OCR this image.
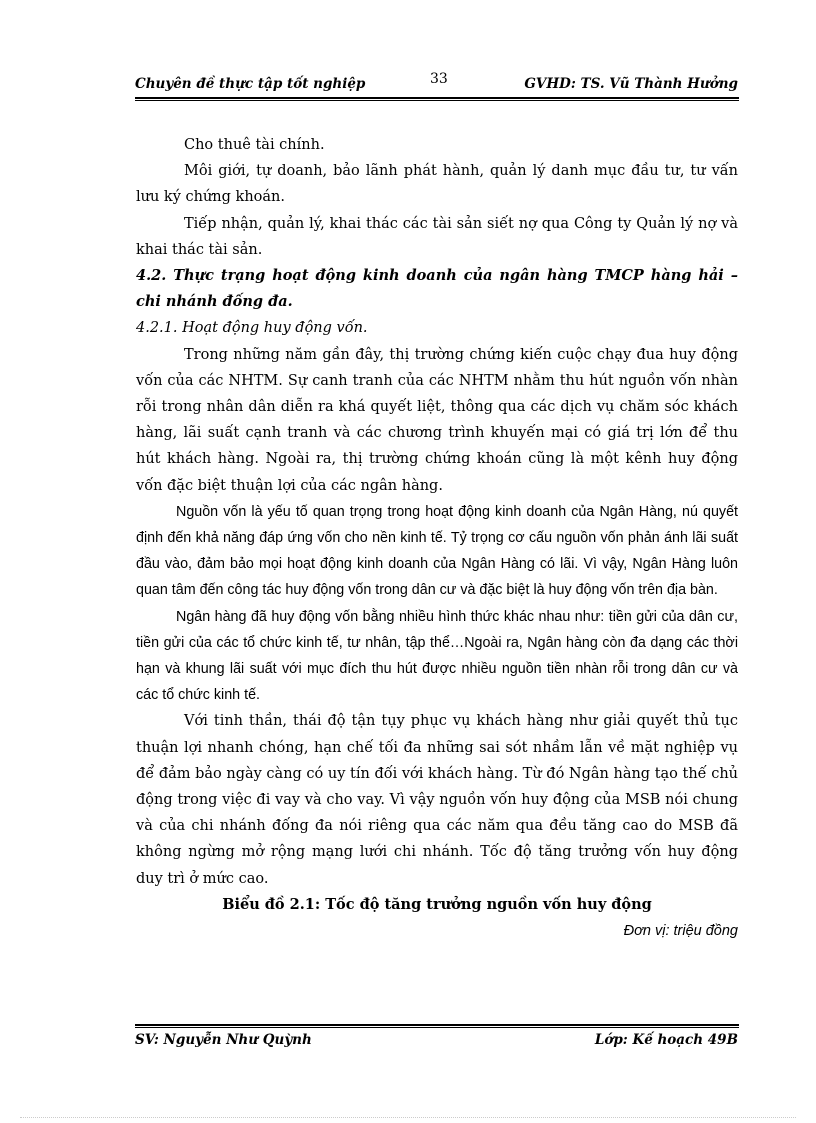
Chuyên đề thực tập tốt nghiệp	33	GVHD: TS. Vũ Thành Hưởng

Cho thuê tài chính.

Môi giới, tự doanh, bảo lãnh phát hành, quản lý danh mục đầu tư, tư vấn lưu ký chứng khoán.

Tiếp nhận, quản lý, khai thác các tài sản siết nợ qua Công ty Quản lý nợ và khai thác tài sản.

4.2. Thực trạng hoạt động kinh doanh của ngân hàng TMCP hàng hải – chi nhánh đống đa.

4.2.1. Hoạt động huy động vốn.

Trong những năm gần đây, thị trường chứng kiến cuộc chạy đua huy động vốn của các NHTM. Sự canh tranh của các NHTM nhằm thu hút nguồn vốn nhàn rỗi trong nhân dân diễn ra khá quyết liệt, thông qua các dịch vụ chăm sóc khách hàng, lãi suất cạnh tranh và các chương trình khuyến mại có giá trị lớn để thu hút khách hàng. Ngoài ra, thị trường chứng khoán cũng là một kênh huy động vốn đặc biệt thuận lợi của các ngân hàng.

Nguồn vốn là yếu tố quan trọng trong hoạt động kinh doanh của Ngân Hàng, nú quyết định đến khả năng đáp ứng vốn cho nền kinh tế. Tỷ trọng cơ cấu nguồn vốn phản ánh lãi suất đầu vào, đảm bảo mọi hoạt động kinh doanh của Ngân Hàng có lãi. Vì vậy, Ngân Hàng luôn quan tâm đến công tác huy động vốn trong dân cư và đặc biệt là huy động vốn trên địa bàn.

Ngân hàng đã huy động vốn bằng nhiều hình thức khác nhau như: tiền gửi của dân cư, tiền gửi của các tổ chức kinh tế, tư nhân, tập thể…Ngoài ra, Ngân hàng còn đa dạng các thời hạn và khung lãi suất với mục đích thu hút được nhiều nguồn tiền nhàn rỗi trong dân cư và các tổ chức kinh tế.

Với tinh thần, thái độ tận tụy phục vụ khách hàng như giải quyết thủ tục thuận lợi nhanh chóng, hạn chế tối đa những sai sót nhầm lẫn về mặt nghiệp vụ để đảm bảo ngày càng có uy tín đối với khách hàng. Từ đó Ngân hàng tạo thế chủ động trong việc đi vay và cho vay. Vì vậy nguồn vốn huy động của MSB nói chung và của chi nhánh đống đa nói riêng qua các năm qua đều tăng cao do MSB đã không ngừng mở rộng mạng lưới chi nhánh. Tốc độ tăng trưởng vốn huy động duy trì ở mức cao.

Biểu đồ 2.1: Tốc độ tăng trưởng nguồn vốn huy động

Đơn vị: triệu đồng

SV: Nguyễn Như Quỳnh	Lớp: Kế hoạch 49B
